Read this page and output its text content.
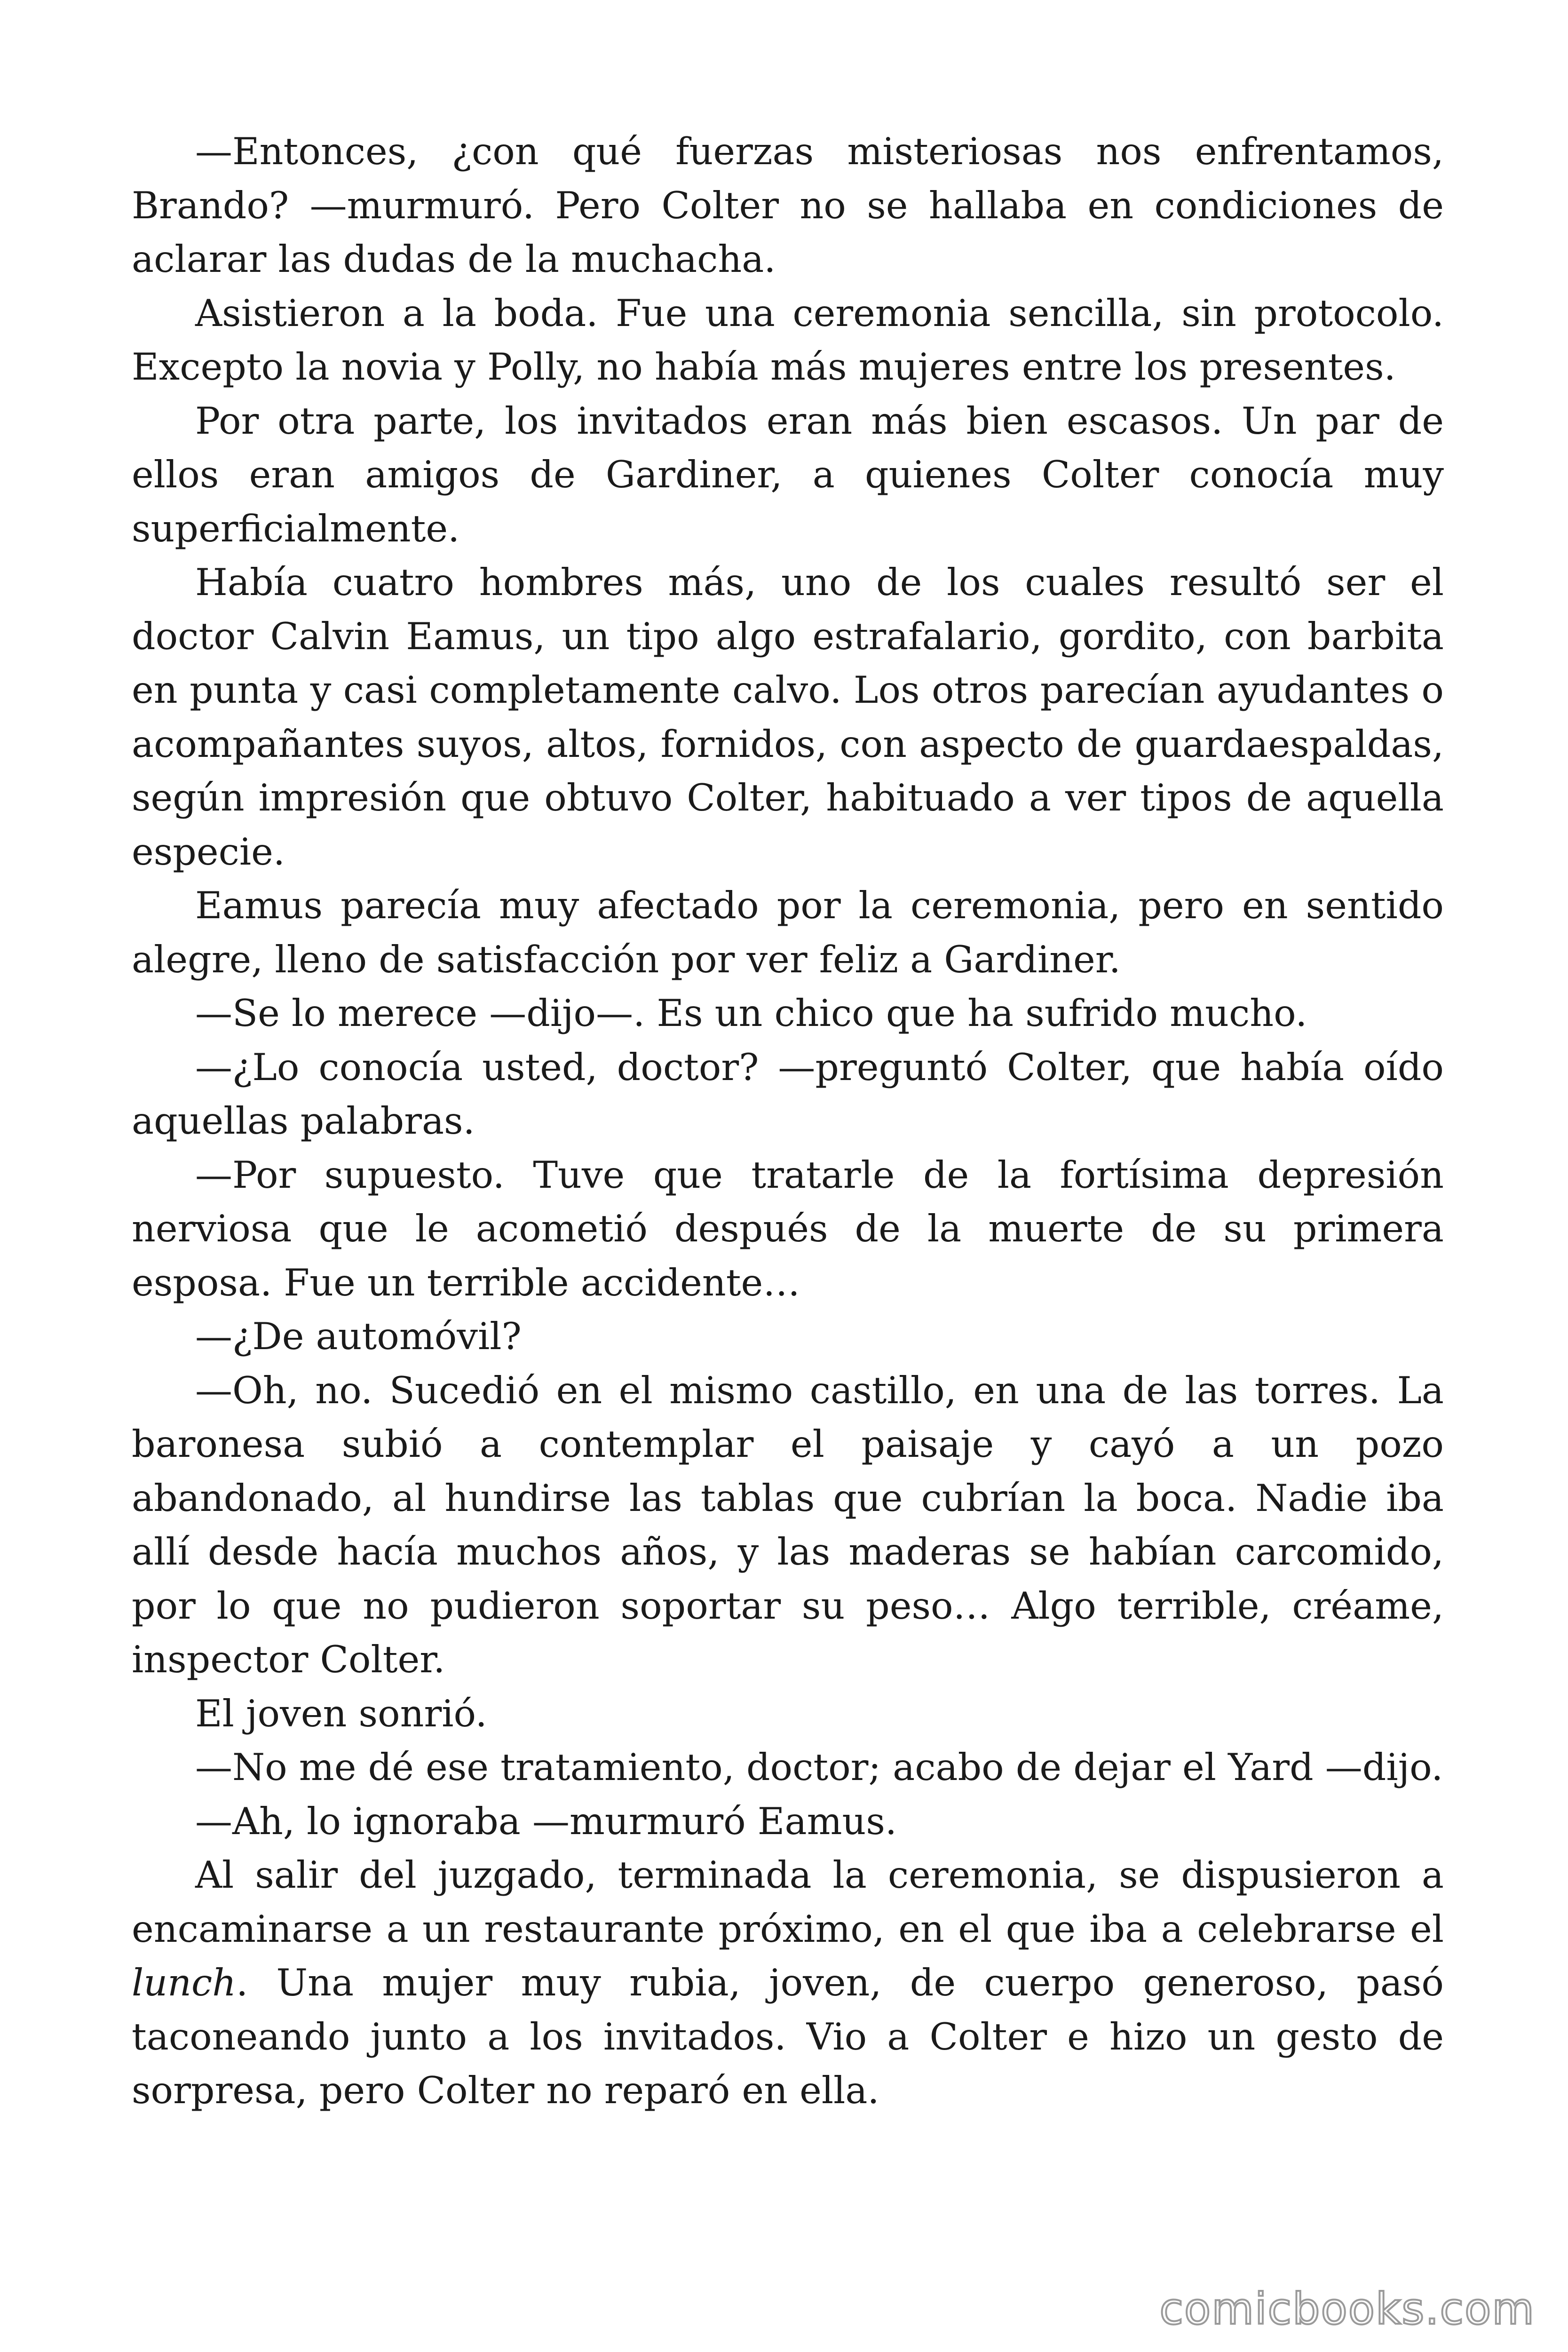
—Entonces, ¿con qué fuerzas misteriosas nos enfrentamos, Brando? —murmuró. Pero Colter no se hallaba en condiciones de aclarar las dudas de la muchacha.

Asistieron a la boda. Fue una ceremonia sencilla, sin protocolo. Excepto la novia y Polly, no había más mujeres entre los presentes.

Por otra parte, los invitados eran más bien escasos. Un par de ellos eran amigos de Gardiner, a quienes Colter conocía muy superficialmente.

Había cuatro hombres más, uno de los cuales resultó ser el doctor Calvin Eamus, un tipo algo estrafalario, gordito, con barbita en punta y casi completamente calvo. Los otros parecían ayudantes o acompañantes suyos, altos, fornidos, con aspecto de guardaespaldas, según impresión que obtuvo Colter, habituado a ver tipos de aquella especie.

Eamus parecía muy afectado por la ceremonia, pero en sentido alegre, lleno de satisfacción por ver feliz a Gardiner.

—Se lo merece —dijo—. Es un chico que ha sufrido mucho.

—¿Lo conocía usted, doctor? —preguntó Colter, que había oído aquellas palabras.

—Por supuesto. Tuve que tratarle de la fortísima depresión nerviosa que le acometió después de la muerte de su primera esposa. Fue un terrible accidente…

—¿De automóvil?

—Oh, no. Sucedió en el mismo castillo, en una de las torres. La baronesa subió a contemplar el paisaje y cayó a un pozo abandonado, al hundirse las tablas que cubrían la boca. Nadie iba allí desde hacía muchos años, y las maderas se habían carcomido, por lo que no pudieron soportar su peso… Algo terrible, créame, inspector Colter.

El joven sonrió.

—No me dé ese tratamiento, doctor; acabo de dejar el Yard —dijo.

—Ah, lo ignoraba —murmuró Eamus.

Al salir del juzgado, terminada la ceremonia, se dispusieron a encaminarse a un restaurante próximo, en el que iba a celebrarse el lunch. Una mujer muy rubia, joven, de cuerpo generoso, pasó taconeando junto a los invitados. Vio a Colter e hizo un gesto de sorpresa, pero Colter no reparó en ella.

comicbooks.com
